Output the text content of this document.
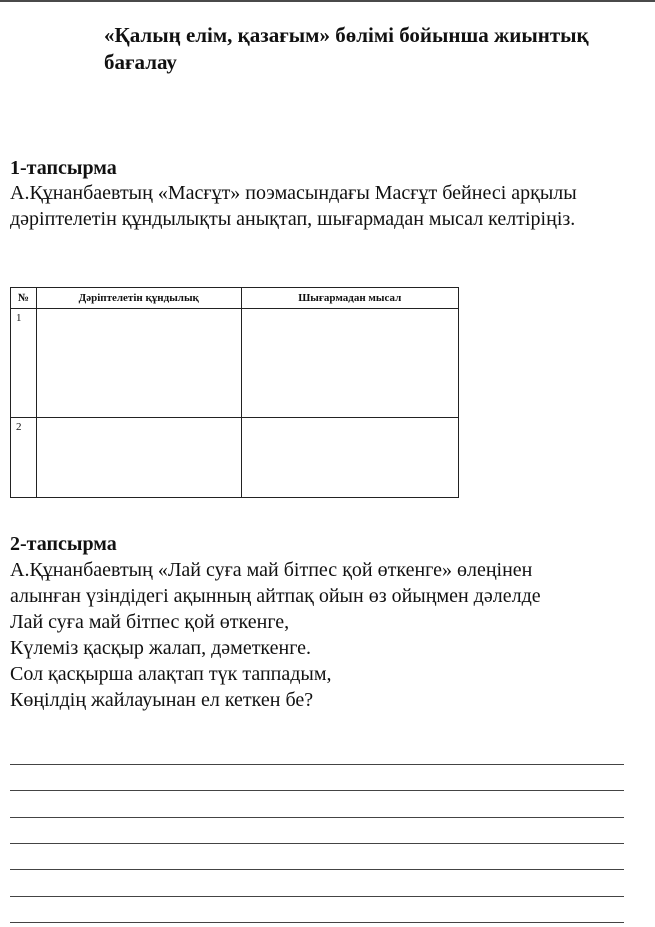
«Қалың елім, қазағым» бөлімі бойынша жиынтық бағалау
1-тапсырма
А.Құнанбаевтың «Масғұт» поэмасындағы Масғұт бейнесі арқылы дәріптелетін құндылықты анықтап, шығармадан мысал келтіріңіз.
№	Дәріптелетін құндылық	Шығармадан мысал

1		

2		

2-тапсырма

А.Құнанбаевтың «Лай суға май бітпес қой өткенге» өлеңінен алынған үзіндідегі ақынның айтпақ ойын өз ойыңмен дәлелде

Лай суға май бітпес қой өткенге,

Күлеміз қасқыр жалап, дәметкенге.

Сол қасқырша алақтап түк таппадым,

Көңілдің жайлауынан ел кеткен бе?
